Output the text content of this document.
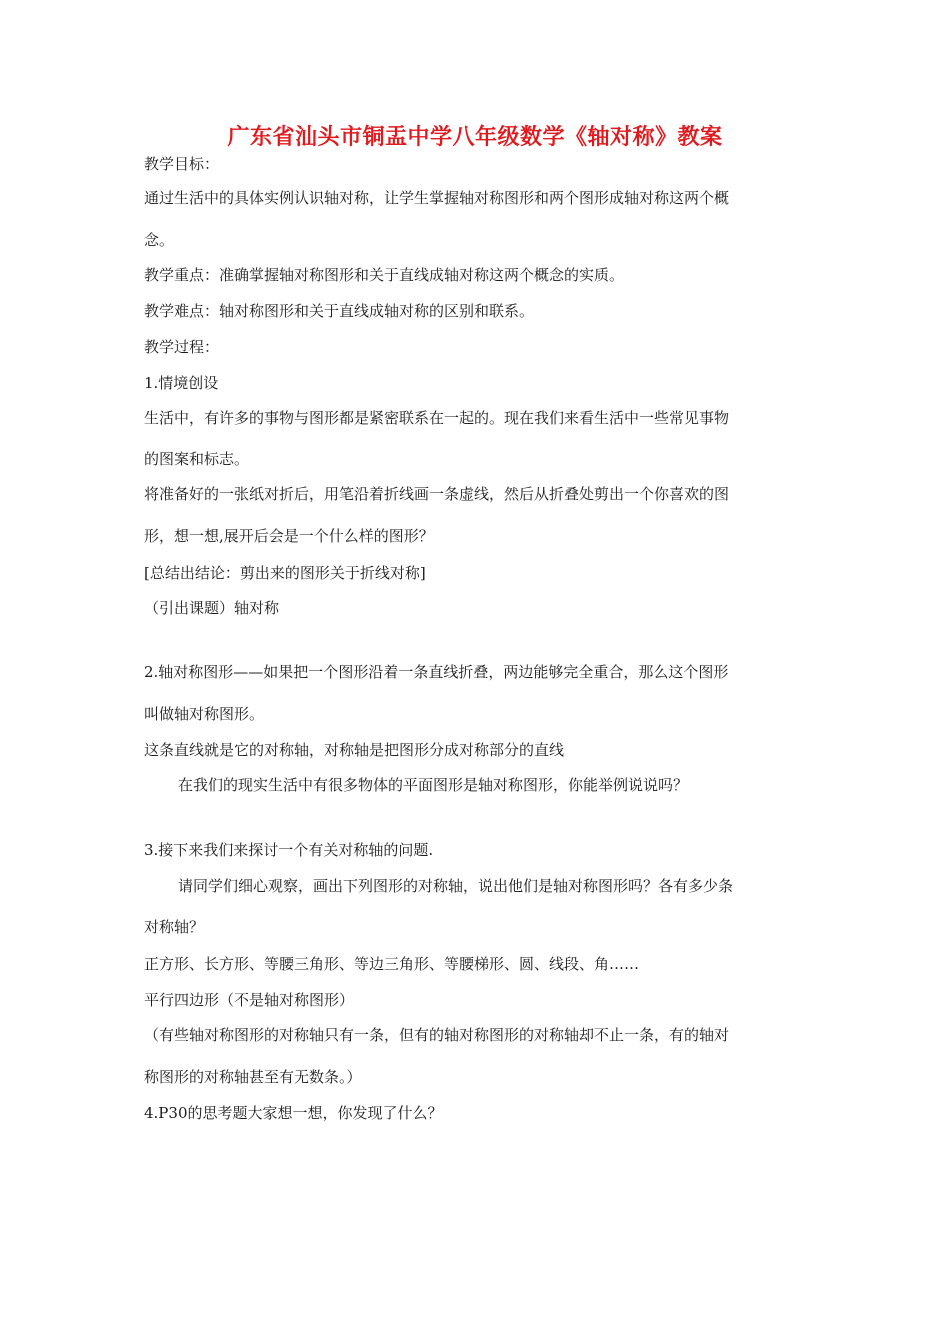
广东省汕头市铜盂中学八年级数学《轴对称》教案
教学目标：
通过生活中的具体实例认识轴对称，让学生掌握轴对称图形和两个图形成轴对称这两个概
念。
教学重点：准确掌握轴对称图形和关于直线成轴对称这两个概念的实质。
教学难点：轴对称图形和关于直线成轴对称的区别和联系。
教学过程：
1.情境创设
生活中，有许多的事物与图形都是紧密联系在一起的。现在我们来看生活中一些常见事物
的图案和标志。
将准备好的一张纸对折后，用笔沿着折线画一条虚线，然后从折叠处剪出一个你喜欢的图
形，想一想,展开后会是一个什么样的图形？
[总结出结论：剪出来的图形关于折线对称]
（引出课题）轴对称
2.轴对称图形——如果把一个图形沿着一条直线折叠，两边能够完全重合，那么这个图形
叫做轴对称图形。
这条直线就是它的对称轴，对称轴是把图形分成对称部分的直线
在我们的现实生活中有很多物体的平面图形是轴对称图形，你能举例说说吗？
3.接下来我们来探讨一个有关对称轴的问题.
请同学们细心观察，画出下列图形的对称轴，说出他们是轴对称图形吗？各有多少条
对称轴？
正方形、长方形、等腰三角形、等边三角形、等腰梯形、圆、线段、角……
平行四边形（不是轴对称图形）
（有些轴对称图形的对称轴只有一条，但有的轴对称图形的对称轴却不止一条，有的轴对
称图形的对称轴甚至有无数条。）
4.P30的思考题大家想一想，你发现了什么？
